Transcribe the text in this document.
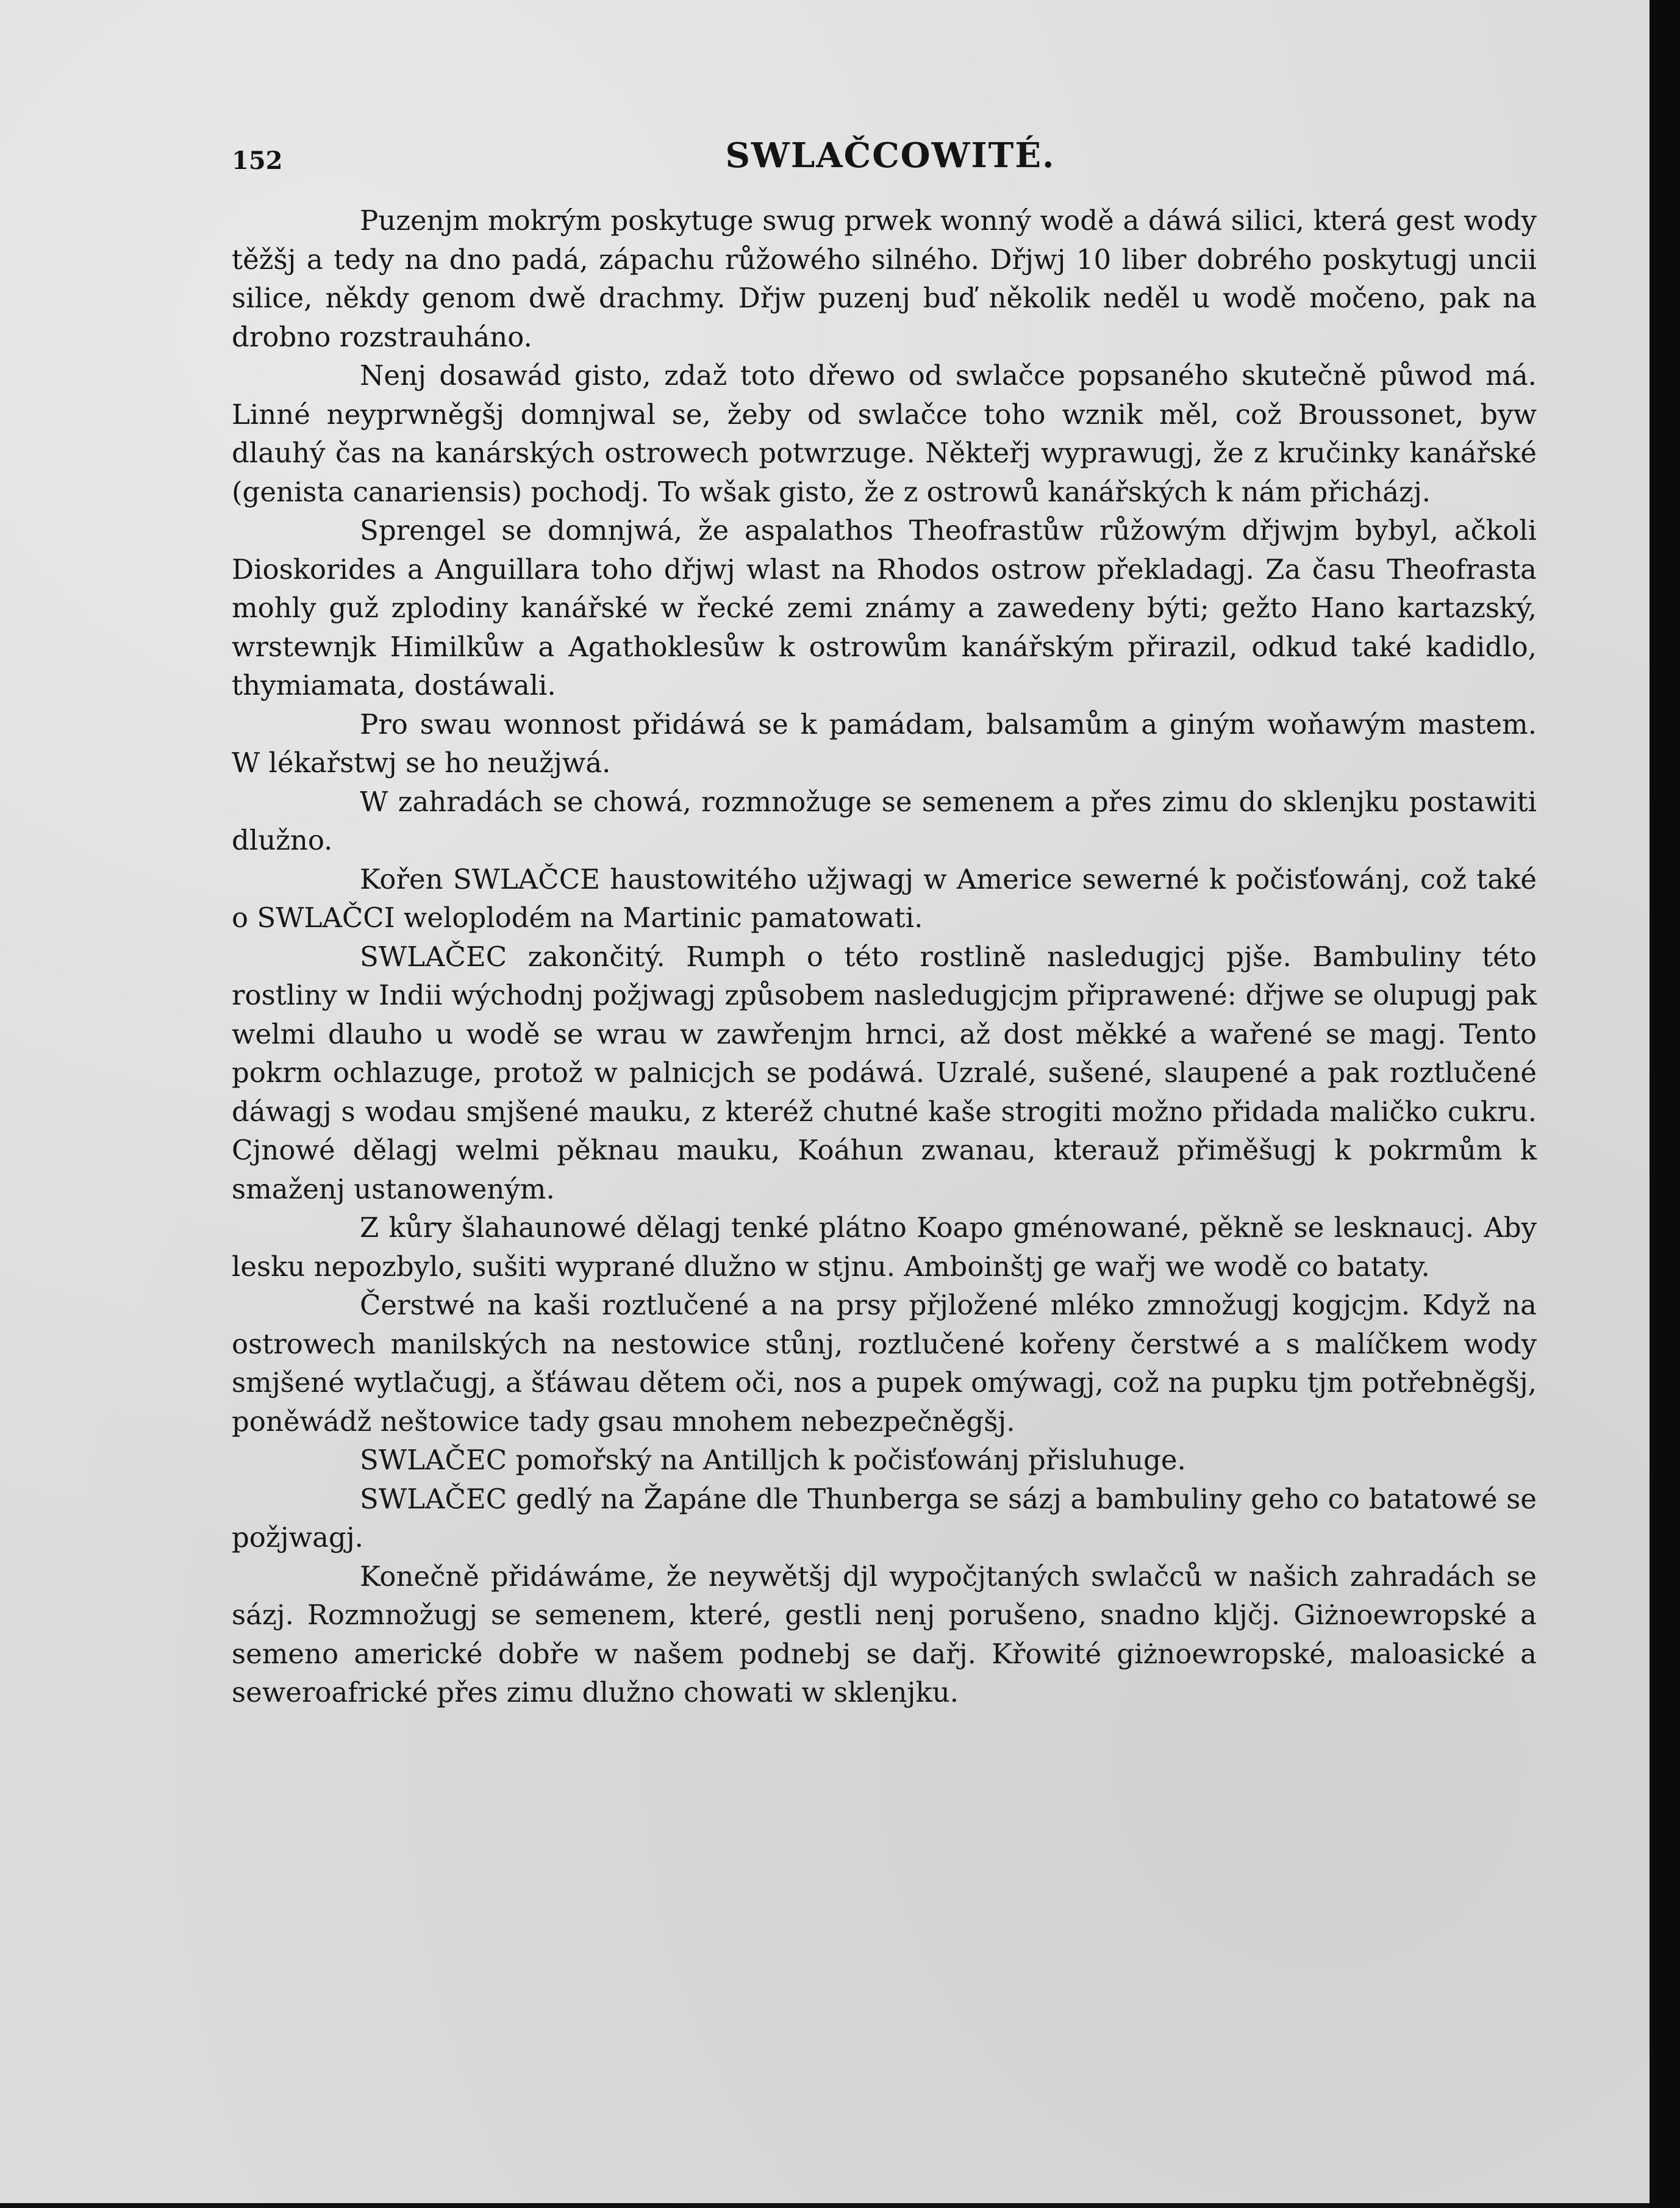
152	SWLAČCOWITÉ.

Puzenjm mokrým poskytuge swug prwek wonný wodě a dáwá silici, která gest wody těžšj a tedy na dno padá, zápachu růžowého silného. Dřjwj 10 liber dobrého poskytugj uncii silice, někdy genom dwě drachmy. Dřjw puzenj buď několik neděl u wodě močeno, pak na drobno rozstrauháno.

Nenj dosawád gisto, zdaž toto dřewo od swlačce popsaného skutečně půwod má. Linné neyprwněgšj domnjwal se, žeby od swlačce toho wznik měl, což Broussonet, byw dlauhý čas na kanárských ostrowech potwrzuge. Někteřj wyprawugj, že z kručinky kanářské (genista canariensis) pochodj. To wšak gisto, že z ostrowů kanářských k nám přicházj.

Sprengel se domnjwá, že aspalathos Theofrastůw růžowým dřjwjm bybyl, ačkoli Dioskorides a Anguillara toho dřjwj wlast na Rhodos ostrow překladagj. Za času Theofrasta mohly guž zplodiny kanářské w řecké zemi známy a zawedeny býti; gežto Hano kartazský, wrstewnjk Himilkůw a Agathoklesůw k ostrowům kanářským přirazil, odkud také kadidlo, thymiamata, dostáwali.

Pro swau wonnost přidáwá se k pamádam, balsamům a giným woňawým mastem. W lékařstwj se ho neužjwá.

W zahradách se chowá, rozmnožuge se semenem a přes zimu do sklenjku postawiti dlužno.

Kořen SWLAČCE haustowitého užjwagj w Americe sewerné k počisťowánj, což také o SWLAČCI weloplodém na Martinic pamatowati.

SWLAČEC zakončitý. Rumph o této rostlině nasledugjcj pjše. Bambuliny této rostliny w Indii wýchodnj požjwagj způsobem nasledugjcjm připrawené: dřjwe se olupugj pak welmi dlauho u wodě se wrau w zawřenjm hrnci, až dost měkké a wařené se magj. Tento pokrm ochlazuge, protož w palnicjch se podáwá. Uzralé, sušené, slaupené a pak roztlučené dáwagj s wodau smjšené mauku, z kteréž chutné kaše strogiti možno přidada maličko cukru. Cjnowé dělagj welmi pěknau mauku, Koáhun zwanau, kterauž přiměšugj k pokrmům k smaženj ustanoweným.

Z kůry šlahaunowé dělagj tenké plátno Koapo gménowané, pěkně se lesknaucj. Aby lesku nepozbylo, sušiti wyprané dlužno w stjnu. Amboinštj ge wařj we wodě co bataty.

Čerstwé na kaši roztlučené a na prsy přjložené mléko zmnožugj kogjcjm. Když na ostrowech manilských na nestowice stůnj, roztlučené kořeny čerstwé a s malíčkem wody smjšené wytlačugj, a šťáwau dětem oči, nos a pupek omýwagj, což na pupku tjm potřebněgšj, poněwádž neštowice tady gsau mnohem nebezpečněgšj.

SWLAČEC pomořský na Antilljch k počisťowánj přisluhuge.

SWLAČEC gedlý na Žapáne dle Thunberga se sázj a bambuliny geho co batatowé se požjwagj.

Konečně přidáwáme, že neywětšj djl wypočjtaných swlačců w našich zahradách se sázj. Rozmnožugj se semenem, které, gestli nenj porušeno, snadno kljčj. Giżnoewropské a semeno americké dobře w našem podnebj se dařj. Křowité giżnoewropské, maloasické a seweroafrické přes zimu dlužno chowati w sklenjku.
